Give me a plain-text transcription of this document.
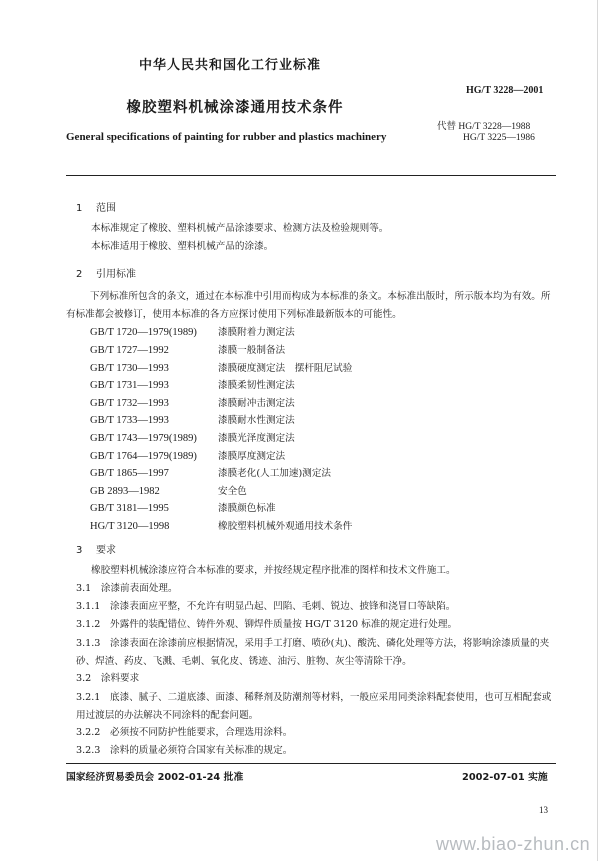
中华人民共和国化工行业标准
HG/T 3228—2001
橡胶塑料机械涂漆通用技术条件
代替 HG/T 3228—1988
General specifications of painting for rubber and plastics machinery	HG/T 3225—1986
1 范围
本标准规定了橡胶、塑料机械产品涂漆要求、检测方法及检验规则等。
本标准适用于橡胶、塑料机械产品的涂漆。
2 引用标准
下列标准所包含的条文，通过在本标准中引用而构成为本标准的条文。本标准出版时，所示版本均为有效。所有标准都会被修订，使用本标准的各方应探讨使用下列标准最新版本的可能性。
GB/T 1720—1979(1989) 漆膜附着力测定法
GB/T 1727—1992	漆膜一般制备法
GB/T 1730—1993	漆膜硬度测定法　摆杆阻尼试验
GB/T 1731—1993	漆膜柔韧性测定法
GB/T 1732—1993	漆膜耐冲击测定法
GB/T 1733—1993	漆膜耐水性测定法
GB/T 1743—1979(1989) 漆膜光泽度测定法
GB/T 1764—1979(1989) 漆膜厚度测定法
GB/T 1865—1997	漆膜老化(人工加速)测定法
GB 2893—1982	安全色
GB/T 3181—1995	漆膜颜色标准
HG/T 3120—1998	橡胶塑料机械外观通用技术条件
3 要求
橡胶塑料机械涂漆应符合本标准的要求，并按经规定程序批准的图样和技术文件施工。
3.1　涂漆前表面处理。
3.1.1　涂漆表面应平整，不允许有明显凸起、凹陷、毛刺、锐边、披锋和浇冒口等缺陷。
3.1.2　外露件的装配错位、铸件外观、铆焊件质量按 HG/T 3120 标准的规定进行处理。
3.1.3　涂漆表面在涂漆前应根据情况，采用手工打磨、喷砂(丸)、酸洗、磷化处理等方法，将影响涂漆质量的夹砂、焊渣、药皮、飞溅、毛刺、氧化皮、锈迹、油污、脏物、灰尘等清除干净。
3.2　涂料要求
3.2.1　底漆、腻子、二道底漆、面漆、稀释剂及防潮剂等材料，一般应采用同类涂料配套使用，也可互相配套或用过渡层的办法解决不同涂料的配套问题。
3.2.2　必须按不同防护性能要求，合理选用涂料。
3.2.3　涂料的质量必须符合国家有关标准的规定。
国家经济贸易委员会 2002-01-24 批准	2002-07-01 实施
13
www.biao-zhun.cn
